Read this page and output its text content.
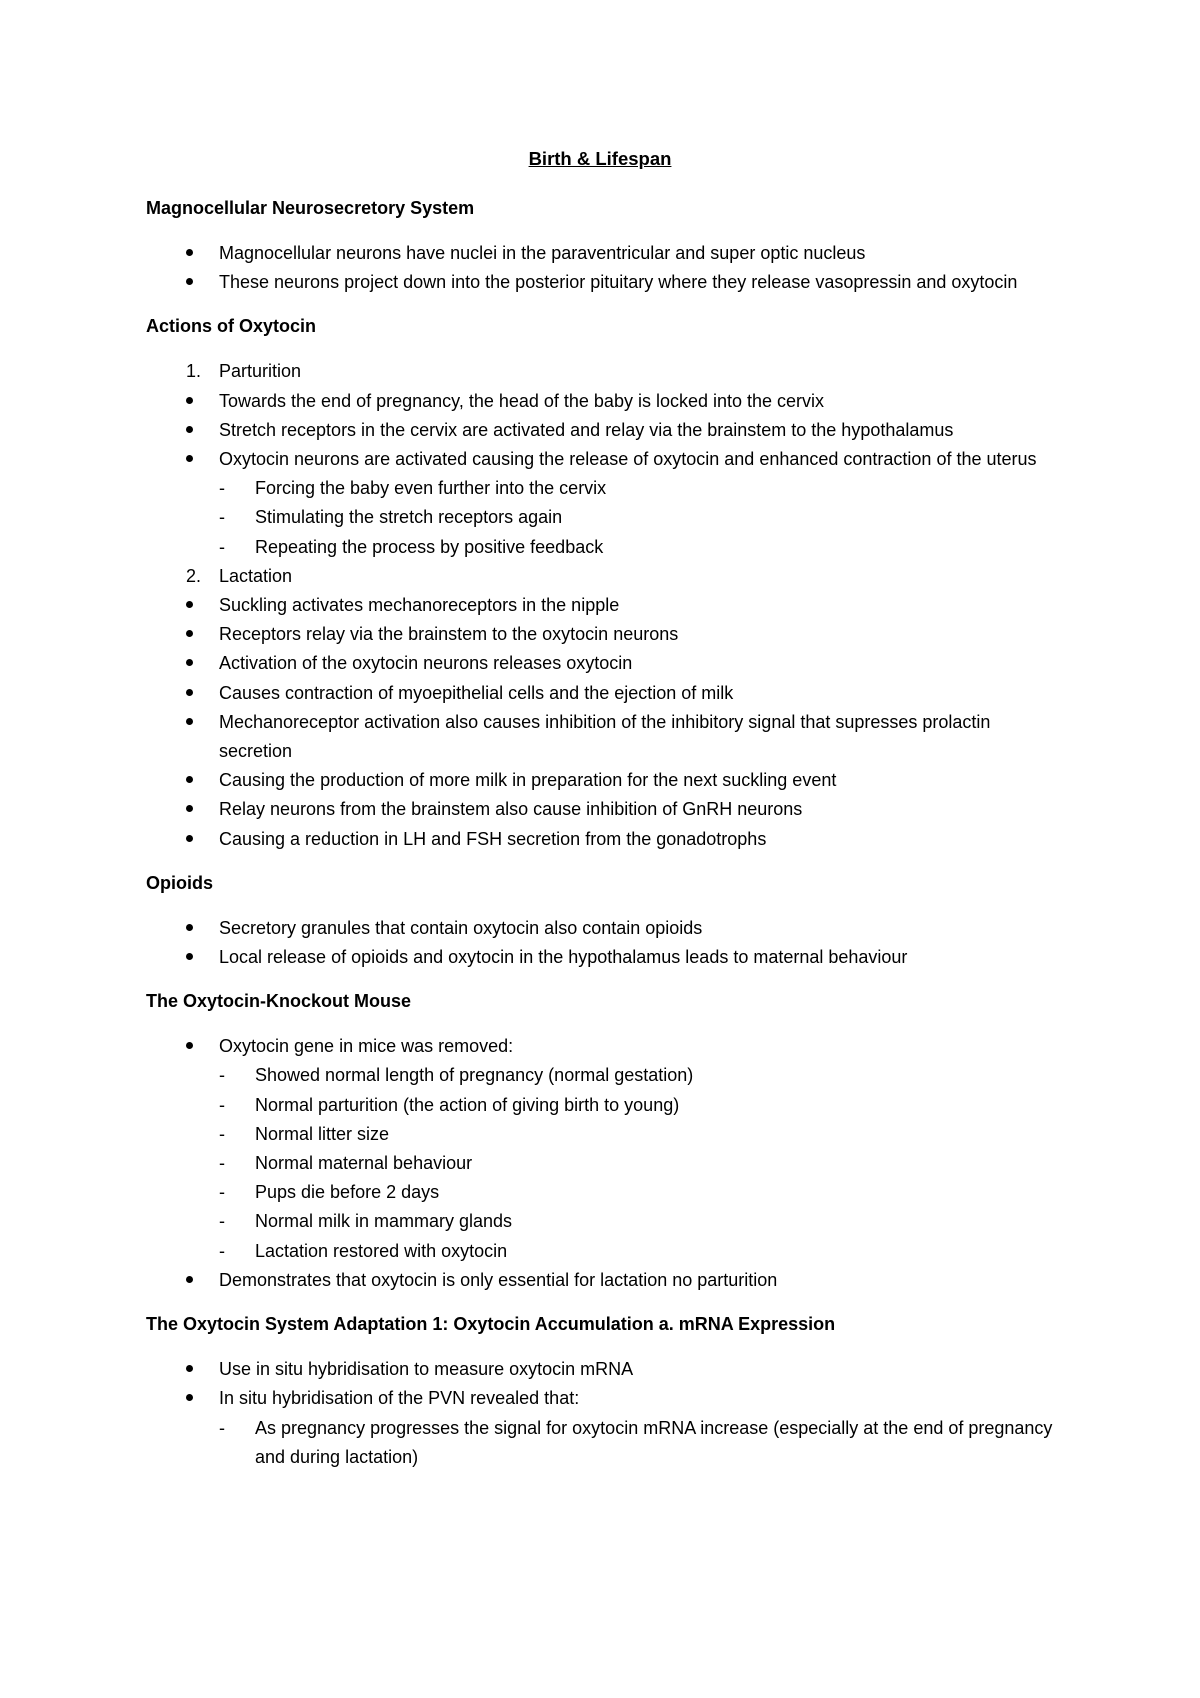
Birth & Lifespan
Magnocellular Neurosecretory System
Magnocellular neurons have nuclei in the paraventricular and super optic nucleus
These neurons project down into the posterior pituitary where they release vasopressin and oxytocin
Actions of Oxytocin
1. Parturition
Towards the end of pregnancy, the head of the baby is locked into the cervix
Stretch receptors in the cervix are activated and relay via the brainstem to the hypothalamus
Oxytocin neurons are activated causing the release of oxytocin and enhanced contraction of the uterus
- Forcing the baby even further into the cervix
- Stimulating the stretch receptors again
- Repeating the process by positive feedback
2. Lactation
Suckling activates mechanoreceptors in the nipple
Receptors relay via the brainstem to the oxytocin neurons
Activation of the oxytocin neurons releases oxytocin
Causes contraction of myoepithelial cells and the ejection of milk
Mechanoreceptor activation also causes inhibition of the inhibitory signal that supresses prolactin secretion
Causing the production of more milk in preparation for the next suckling event
Relay neurons from the brainstem also cause inhibition of GnRH neurons
Causing a reduction in LH and FSH secretion from the gonadotrophs
Opioids
Secretory granules that contain oxytocin also contain opioids
Local release of opioids and oxytocin in the hypothalamus leads to maternal behaviour
The Oxytocin-Knockout Mouse
Oxytocin gene in mice was removed:
- Showed normal length of pregnancy (normal gestation)
- Normal parturition (the action of giving birth to young)
- Normal litter size
- Normal maternal behaviour
- Pups die before 2 days
- Normal milk in mammary glands
- Lactation restored with oxytocin
Demonstrates that oxytocin is only essential for lactation no parturition
The Oxytocin System Adaptation 1: Oxytocin Accumulation a. mRNA Expression
Use in situ hybridisation to measure oxytocin mRNA
In situ hybridisation of the PVN revealed that:
- As pregnancy progresses the signal for oxytocin mRNA increase (especially at the end of pregnancy and during lactation)
